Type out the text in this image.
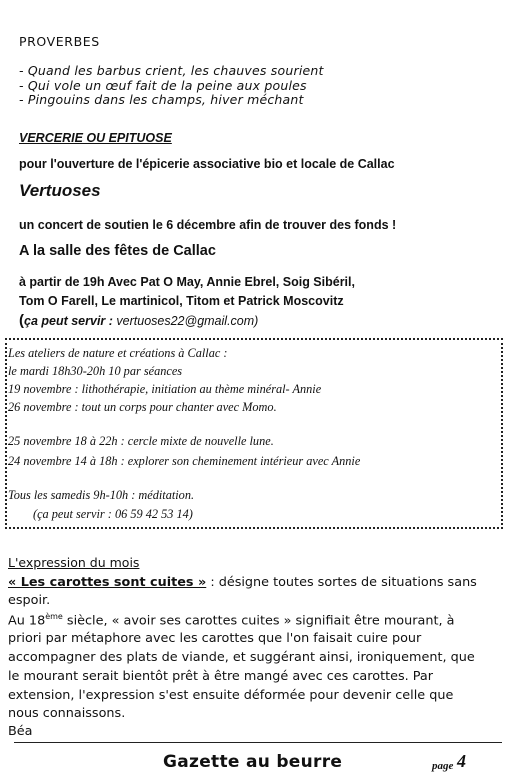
PROVERBES
- Quand les barbus crient, les chauves sourient
- Qui vole un œuf fait de la peine aux poules
- Pingouins dans les champs, hiver méchant
VERCERIE OU EPITUOSE
pour l'ouverture de l'épicerie associative bio et locale de Callac
Vertuoses
un concert de soutien le 6 décembre afin de trouver des fonds !
A la salle des fêtes de Callac
à partir de 19h Avec Pat O May, Annie Ebrel, Soig Sibéril,
Tom O Farell, Le martinicol, Titom et Patrick Moscovitz
(ça peut servir : vertuoses22@gmail.com)
Les ateliers de nature et créations à Callac :
le mardi 18h30-20h 10 par séances
19 novembre : lithothérapie, initiation au thème minéral- Annie
26 novembre : tout un corps pour chanter avec Momo.
25 novembre 18 à 22h : cercle mixte de nouvelle lune.
24 novembre 14 à 18h : explorer son cheminement intérieur avec Annie
Tous les samedis 9h-10h : méditation.
(ça peut servir : 06 59 42 53 14)
L'expression du mois
« Les carottes sont cuites » : désigne toutes sortes de situations sans
espoir.
Au 18ème siècle, « avoir ses carottes cuites » signifiait être mourant, à
priori par métaphore avec les carottes que l'on faisait cuire pour
accompagner des plats de viande, et suggérant ainsi, ironiquement, que
le mourant serait bientôt prêt à être mangé avec ces carottes. Par
extension, l'expression s'est ensuite déformée pour devenir celle que
nous connaissons.
Béa
Gazette au beurre	page 4
